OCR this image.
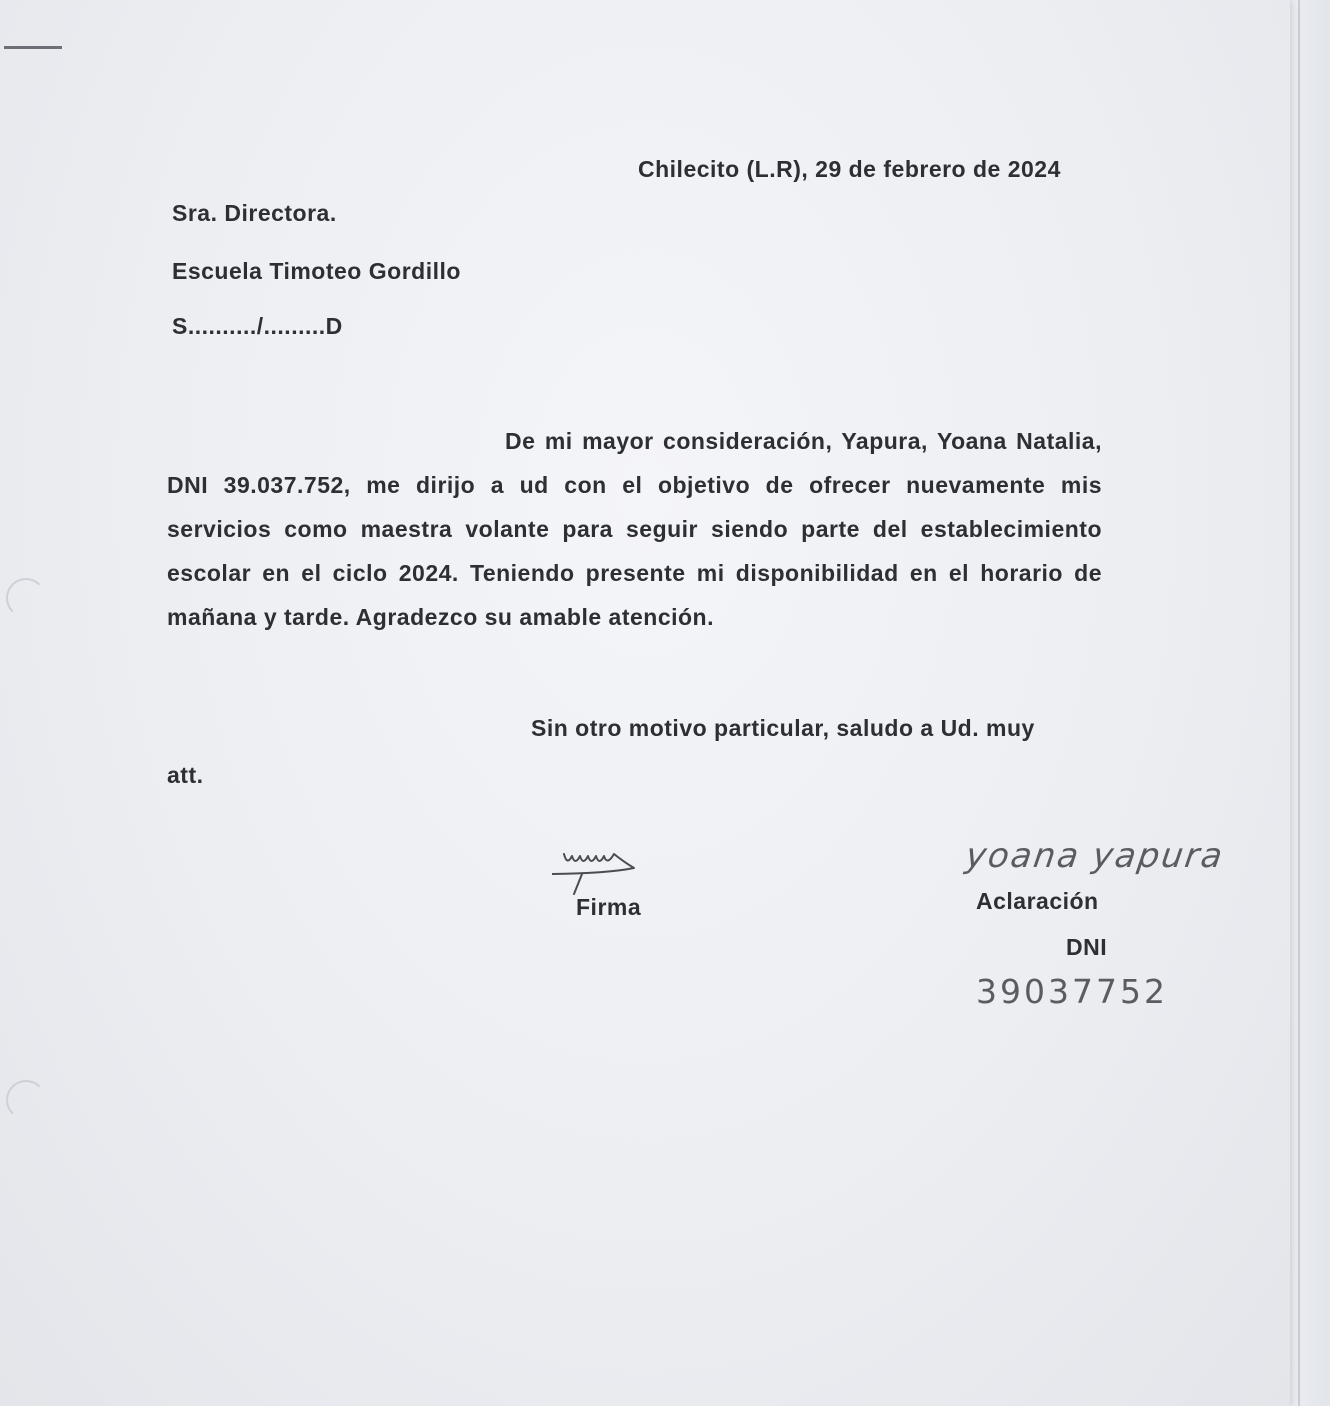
Chilecito (L.R), 29 de febrero de 2024
Sra. Directora.
Escuela Timoteo Gordillo
S........../.........D
De mi mayor consideración, Yapura, Yoana Natalia, DNI 39.037.752, me dirijo a ud con el objetivo de ofrecer nuevamente mis servicios como maestra volante para seguir siendo parte del establecimiento escolar en el ciclo 2024. Teniendo presente mi disponibilidad en el horario de mañana y tarde. Agradezco su amable atención.
Sin otro motivo particular, saludo a Ud. muy
att.
Firma
yoana yapura
Aclaración
DNI
39037752
